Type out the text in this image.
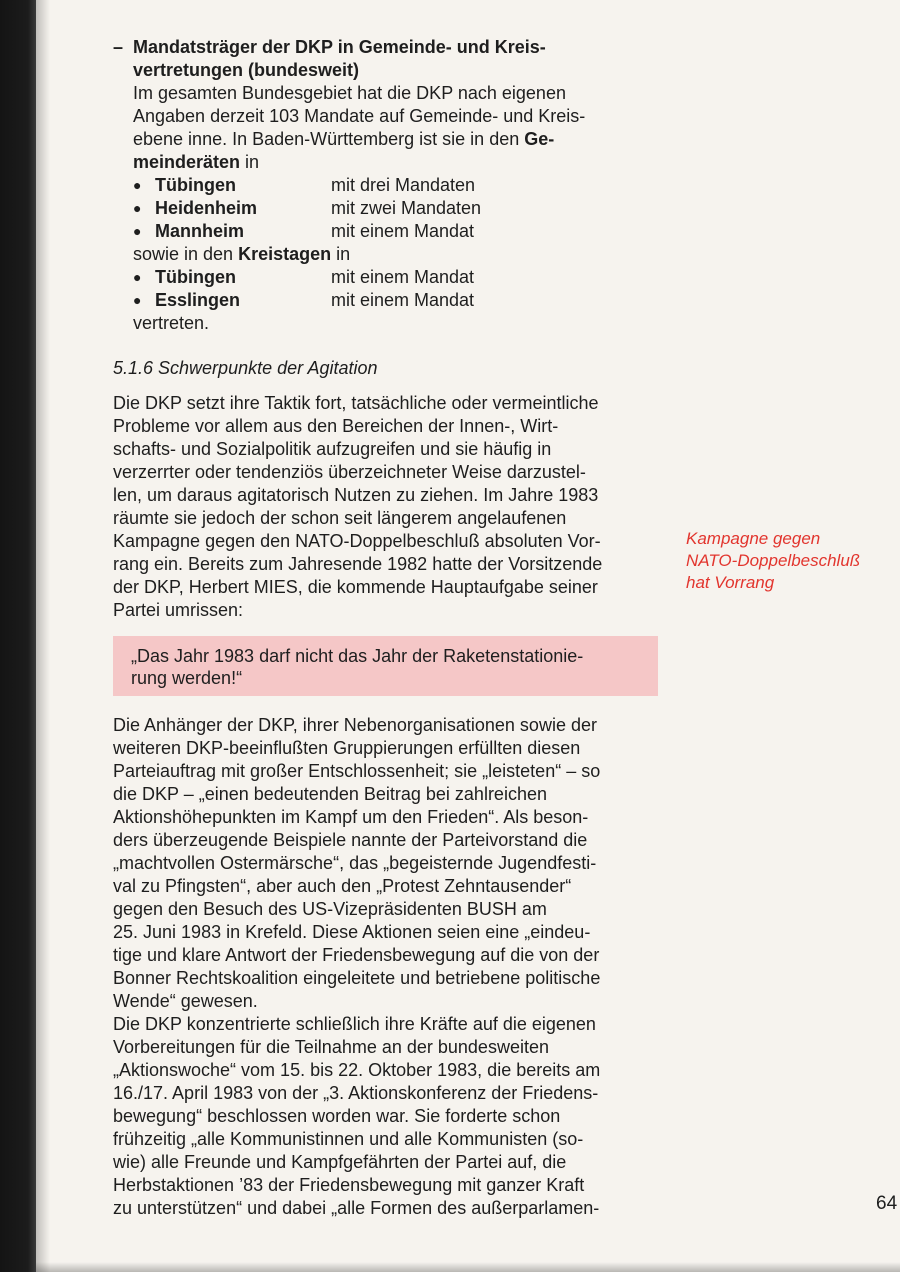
– Mandatsträger der DKP in Gemeinde- und Kreis-
vertretungen (bundesweit)
Im gesamten Bundesgebiet hat die DKP nach eigenen
Angaben derzeit 103 Mandate auf Gemeinde- und Kreis-
ebene inne. In Baden-Württemberg ist sie in den Ge-
meinderäten in
● Tübingen	mit drei Mandaten
● Heidenheim	mit zwei Mandaten
● Mannheim	mit einem Mandat
sowie in den Kreistagen in
● Tübingen	mit einem Mandat
● Esslingen	mit einem Mandat
vertreten.
5.1.6 Schwerpunkte der Agitation
Die DKP setzt ihre Taktik fort, tatsächliche oder vermeintliche
Probleme vor allem aus den Bereichen der Innen-, Wirt-
schafts- und Sozialpolitik aufzugreifen und sie häufig in
verzerrter oder tendenziös überzeichneter Weise darzustel-
len, um daraus agitatorisch Nutzen zu ziehen. Im Jahre 1983
räumte sie jedoch der schon seit längerem angelaufenen
Kampagne gegen den NATO-Doppelbeschluß absoluten Vor-
rang ein. Bereits zum Jahresende 1982 hatte der Vorsitzende
der DKP, Herbert MIES, die kommende Hauptaufgabe seiner
Partei umrissen:
„Das Jahr 1983 darf nicht das Jahr der Raketenstationie-
rung werden!“
Die Anhänger der DKP, ihrer Nebenorganisationen sowie der
weiteren DKP-beeinflußten Gruppierungen erfüllten diesen
Parteiauftrag mit großer Entschlossenheit; sie „leisteten“ – so
die DKP – „einen bedeutenden Beitrag bei zahlreichen
Aktionshöhepunkten im Kampf um den Frieden“. Als beson-
ders überzeugende Beispiele nannte der Parteivorstand die
„machtvollen Ostermärsche“, das „begeisternde Jugendfesti-
val zu Pfingsten“, aber auch den „Protest Zehntausender“
gegen den Besuch des US-Vizepräsidenten BUSH am
25. Juni 1983 in Krefeld. Diese Aktionen seien eine „eindeu-
tige und klare Antwort der Friedensbewegung auf die von der
Bonner Rechtskoalition eingeleitete und betriebene politische
Wende“ gewesen.
Die DKP konzentrierte schließlich ihre Kräfte auf die eigenen
Vorbereitungen für die Teilnahme an der bundesweiten
„Aktionswoche“ vom 15. bis 22. Oktober 1983, die bereits am
16./17. April 1983 von der „3. Aktionskonferenz der Friedens-
bewegung“ beschlossen worden war. Sie forderte schon
frühzeitig „alle Kommunistinnen und alle Kommunisten (so-
wie) alle Freunde und Kampfgefährten der Partei auf, die
Herbstaktionen ’83 der Friedensbewegung mit ganzer Kraft
zu unterstützen“ und dabei „alle Formen des außerparlamen-
Kampagne gegen
NATO-Doppelbeschluß
hat Vorrang
64
